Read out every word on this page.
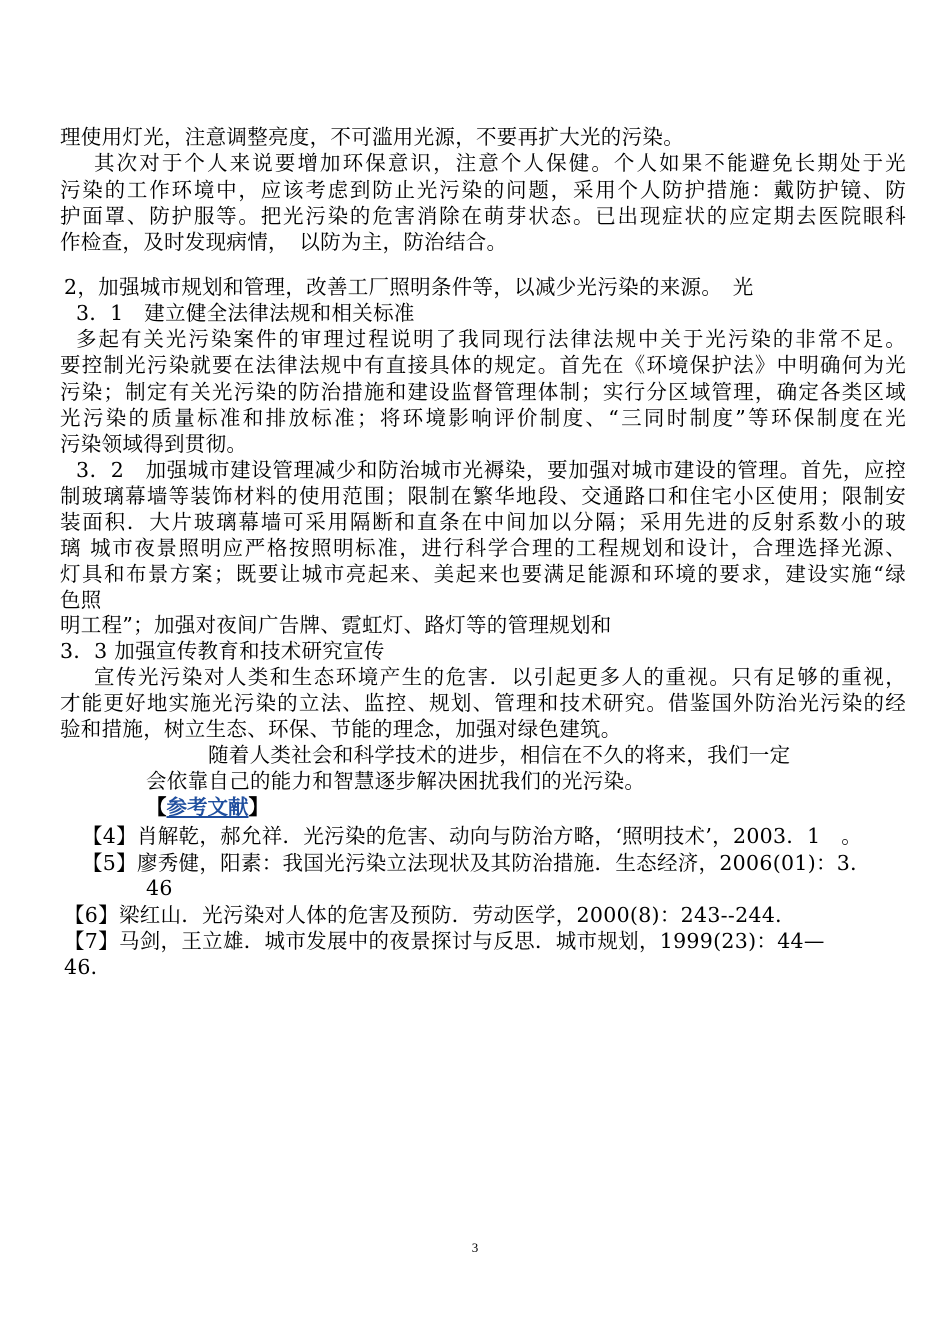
理使用灯光，注意调整亮度，不可滥用光源，不要再扩大光的污染。
其次对于个人来说要增加环保意识，注意个人保健。个人如果不能避免长期处于光
污染的工作环境中，应该考虑到防止光污染的问题，采用个人防护措施：戴防护镜、防
护面罩、防护服等。把光污染的危害消除在萌芽状态。已出现症状的应定期去医院眼科
作检查，及时发现病情，　以防为主，防治结合。
2，加强城市规划和管理，改善工厂照明条件等，以减少光污染的来源。　光
3．1　建立健全法律法规和相关标准
多起有关光污染案件的审理过程说明了我同现行法律法规中关于光污染的非常不足。
要控制光污染就要在法律法规中有直接具体的规定。首先在《环境保护法》中明确何为光
污染；制定有关光污染的防治措施和建设监督管理体制；实行分区域管理，确定各类区域
光污染的质量标准和排放标准；将环境影响评价制度、“三同时制度”等环保制度在光
污染领域得到贯彻。
3．2　加强城市建设管理减少和防治城市光褥染，要加强对城市建设的管理。首先，应控
制玻璃幕墙等装饰材料的使用范围；限制在繁华地段、交通路口和住宅小区使用；限制安
装面积．大片玻璃幕墙可采用隔断和直条在中间加以分隔；采用先进的反射系数小的玻
璃 城市夜景照明应严格按照明标准，进行科学合理的工程规划和设计，合理选择光源、
灯具和布景方案；既要让城市亮起来、美起来也要满足能源和环境的要求，建设实施“绿
色照
明工程”；加强对夜间广告牌、霓虹灯、路灯等的管理规划和
3．3 加强宣传教育和技术研究宣传
宣传光污染对人类和生态环境产生的危害．以引起更多人的重视。只有足够的重视，
才能更好地实施光污染的立法、监控、规划、管理和技术研究。借鉴国外防治光污染的经
验和措施，树立生态、环保、节能的理念，加强对绿色建筑。
随着人类社会和科学技术的进步，相信在不久的将来，我们一定
会依靠自己的能力和智慧逐步解决困扰我们的光污染。
【参考文献】
【4】肖解乾，郝允祥．光污染的危害、动向与防治方略，‘照明技术’，2003．1　。
【5】廖秀健，阳素：我国光污染立法现状及其防治措施．生态经济，2006(01)：3．
46
【6】梁红山．光污染对人体的危害及预防．劳动医学，2000(8)：243--244．
【7】马剑，王立雄．城市发展中的夜景探讨与反思．城市规划，1999(23)：44—
46．
3
